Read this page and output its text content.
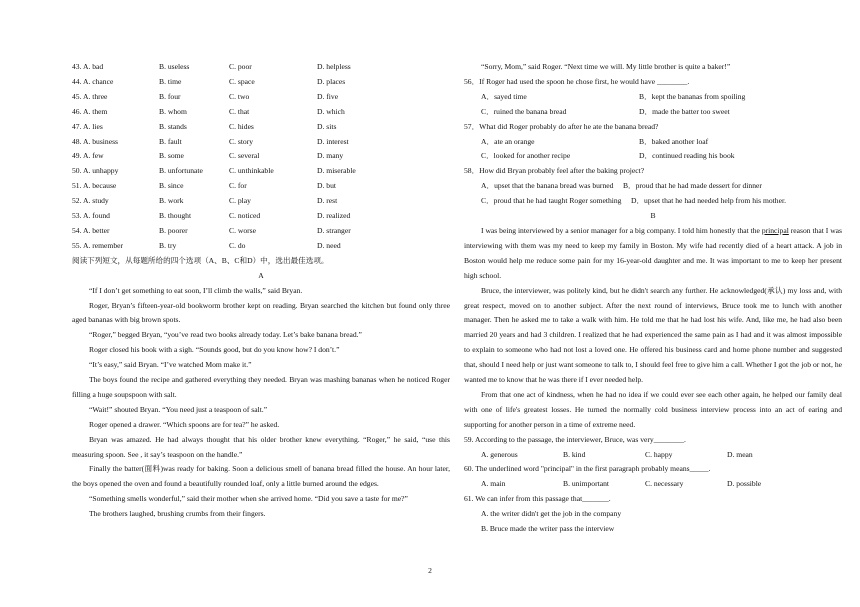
43. A. bad	B. useless	C. poor	D. helpless
44. A. chance	B. time	C. space	D. places
45. A. three	B. four	C. two	D. five
46. A. them	B. whom	C. that	D. which
47. A. lies	B. stands	C. hides	D. sits
48. A. business	B. fault	C. story	D. interest
49. A. few	B. some	C. several	D. many
50. A. unhappy	B. unfortunate	C. unthinkable	D. miserable
51. A. because	B. since	C. for	D. but
52. A. study	B. work	C. play	D. rest
53. A. found	B. thought	C. noticed	D. realized
54. A. better	B. poorer	C. worse	D. stranger
55. A. remember	B. try	C. do	D. need
阅读下列短文，从每题所给的四个选项（A、B、C和D）中，选出最佳选项。
A
“If I don’t get something to eat soon, I’ll climb the walls,” said Bryan.
Roger, Bryan’s fifteen-year-old bookworm brother kept on reading. Bryan searched the kitchen but found only three aged bananas with big brown spots.
“Roger,” begged Bryan, “you’ve read two books already today. Let’s bake banana bread.”
Roger closed his book with a sigh. “Sounds good, but do you know how? I don’t.”
“It’s easy,” said Bryan. “I’ve watched Mom make it.”
The boys found the recipe and gathered everything they needed. Bryan was mashing bananas when he noticed Roger filling a huge soupspoon with salt.
“Wait!” shouted Bryan. “You need just a teaspoon of salt.”
Roger opened a drawer. “Which spoons are for tea?” he asked.
Bryan was amazed. He had always thought that his older brother knew everything. “Roger,” he said, “use this measuring spoon. See , it say’s teaspoon on the handle.”
Finally the batter(面料)was ready for baking. Soon a delicious smell of banana bread filled the house. An hour later, the boys opened the oven and found a beautifully rounded loaf, only a little burned around the edges.
“Something smells wonderful,” said their mother when she arrived home. “Did you save a taste for me?”
The brothers laughed, brushing crumbs from their fingers.
“Sorry, Mom,” said Roger. “Next time we will. My little brother is quite a baker!”
56．If Roger had used the spoon he chose first, he would have ________.
A．sayed time	B．kept the bananas from spoiling
C．ruined the banana bread	D．made the batter too sweet
57．What did Roger probably do after he ate the banana bread?
A．ate an orange	B．baked another loaf
C．looked for another recipe	D．continued reading his book
58．How did Bryan probably feel after the baking project?
A．upset that the banana bread was burned B．proud that he had made dessert for dinner
C．proud that he had taught Roger something D．upset that he had needed help from his mother.
B
I was being interviewed by a senior manager for a big company. I told him honestly that the principal reason that I was interviewing with them was my need to keep my family in Boston. My wife had recently died of a heart attack. A job in Boston would help me reduce some pain for my 16-year-old daughter and me. It was important to me to keep her present high school.
Bruce, the interviewer, was politely kind, but he didn't search any further. He acknowledged(承认) my loss and, with great respect, moved on to another subject. After the next round of interviews, Bruce took me to lunch with another manager. Then he asked me to take a walk with him. He told me that he had lost his wife. And, like me, he had also been married 20 years and had 3 children. I realized that he had experienced the same pain as I had and it was almost impossible to explain to someone who had not lost a loved one. He offered his business card and home phone number and suggested that, should I need help or just want someone to talk to, I should feel free to give him a call. Whether I got the job or not, he wanted me to know that he was there if I ever needed help.
From that one act of kindness, when he had no idea if we could ever see each other again, he helped our family deal with one of life's greatest losses. He turned the normally cold business interview process into an act of earing and supporting for another person in a time of extreme need.
59. According to the passage, the interviewer, Bruce, was very________.
A. generous	B. kind	C. happy	D. mean
60. The underlined word "principal" in the first paragraph probably means_____.
A. main	B. unimportant	C. necessary	D. possible
61. We can infer from this passage that_______.
A. the writer didn't get the job in the company
B. Bruce made the writer pass the interview
2
